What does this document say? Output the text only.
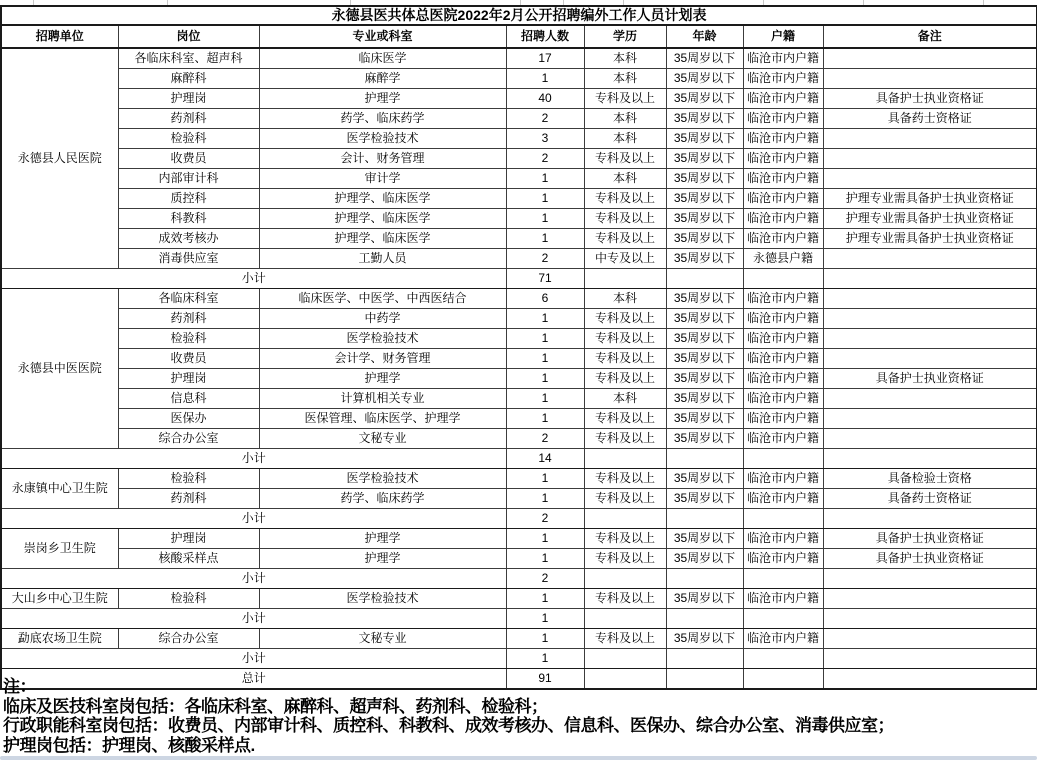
永德县医共体总医院2022年2月公开招聘编外工作人员计划表							
招聘单位	岗位	专业或科室	招聘人数	学历	年龄	户籍	备注
永德县人民医院	各临床科室、超声科	临床医学	17	本科	35周岁以下	临沧市内户籍	
	麻醉科	麻醉学	1	本科	35周岁以下	临沧市内户籍	
	护理岗	护理学	40	专科及以上	35周岁以下	临沧市内户籍	具备护士执业资格证
	药剂科	药学、临床药学	2	本科	35周岁以下	临沧市内户籍	具备药士资格证
	检验科	医学检验技术	3	本科	35周岁以下	临沧市内户籍	
	收费员	会计、财务管理	2	专科及以上	35周岁以下	临沧市内户籍	
	内部审计科	审计学	1	本科	35周岁以下	临沧市内户籍	
	质控科	护理学、临床医学	1	专科及以上	35周岁以下	临沧市内户籍	护理专业需具备护士执业资格证
	科教科	护理学、临床医学	1	专科及以上	35周岁以下	临沧市内户籍	护理专业需具备护士执业资格证
	成效考核办	护理学、临床医学	1	专科及以上	35周岁以下	临沧市内户籍	护理专业需具备护士执业资格证
	消毒供应室	工勤人员	2	中专及以上	35周岁以下	永德县户籍	
小计			71				
永德县中医医院	各临床科室	临床医学、中医学、中西医结合	6	本科	35周岁以下	临沧市内户籍	
	药剂科	中药学	1	专科及以上	35周岁以下	临沧市内户籍	
	检验科	医学检验技术	1	专科及以上	35周岁以下	临沧市内户籍	
	收费员	会计学、财务管理	1	专科及以上	35周岁以下	临沧市内户籍	
	护理岗	护理学	1	专科及以上	35周岁以下	临沧市内户籍	具备护士执业资格证
	信息科	计算机相关专业	1	本科	35周岁以下	临沧市内户籍	
	医保办	医保管理、临床医学、护理学	1	专科及以上	35周岁以下	临沧市内户籍	
	综合办公室	文秘专业	2	专科及以上	35周岁以下	临沧市内户籍	
小计			14				
永康镇中心卫生院	检验科	医学检验技术	1	专科及以上	35周岁以下	临沧市内户籍	具备检验士资格
	药剂科	药学、临床药学	1	专科及以上	35周岁以下	临沧市内户籍	具备药士资格证
小计			2				
崇岗乡卫生院	护理岗	护理学	1	专科及以上	35周岁以下	临沧市内户籍	具备护士执业资格证
	核酸采样点	护理学	1	专科及以上	35周岁以下	临沧市内户籍	具备护士执业资格证
小计			2				
大山乡中心卫生院	检验科	医学检验技术	1	专科及以上	35周岁以下	临沧市内户籍	
小计			1				
勐底农场卫生院	综合办公室	文秘专业	1	专科及以上	35周岁以下	临沧市内户籍	
小计			1				
总计			91				
注：
临床及医技科室岗包括：各临床科室、麻醉科、超声科、药剂科、检验科；
行政职能科室岗包括：收费员、内部审计科、质控科、科教科、成效考核办、信息科、医保办、综合办公室、消毒供应室；
护理岗包括：护理岗、核酸采样点.
